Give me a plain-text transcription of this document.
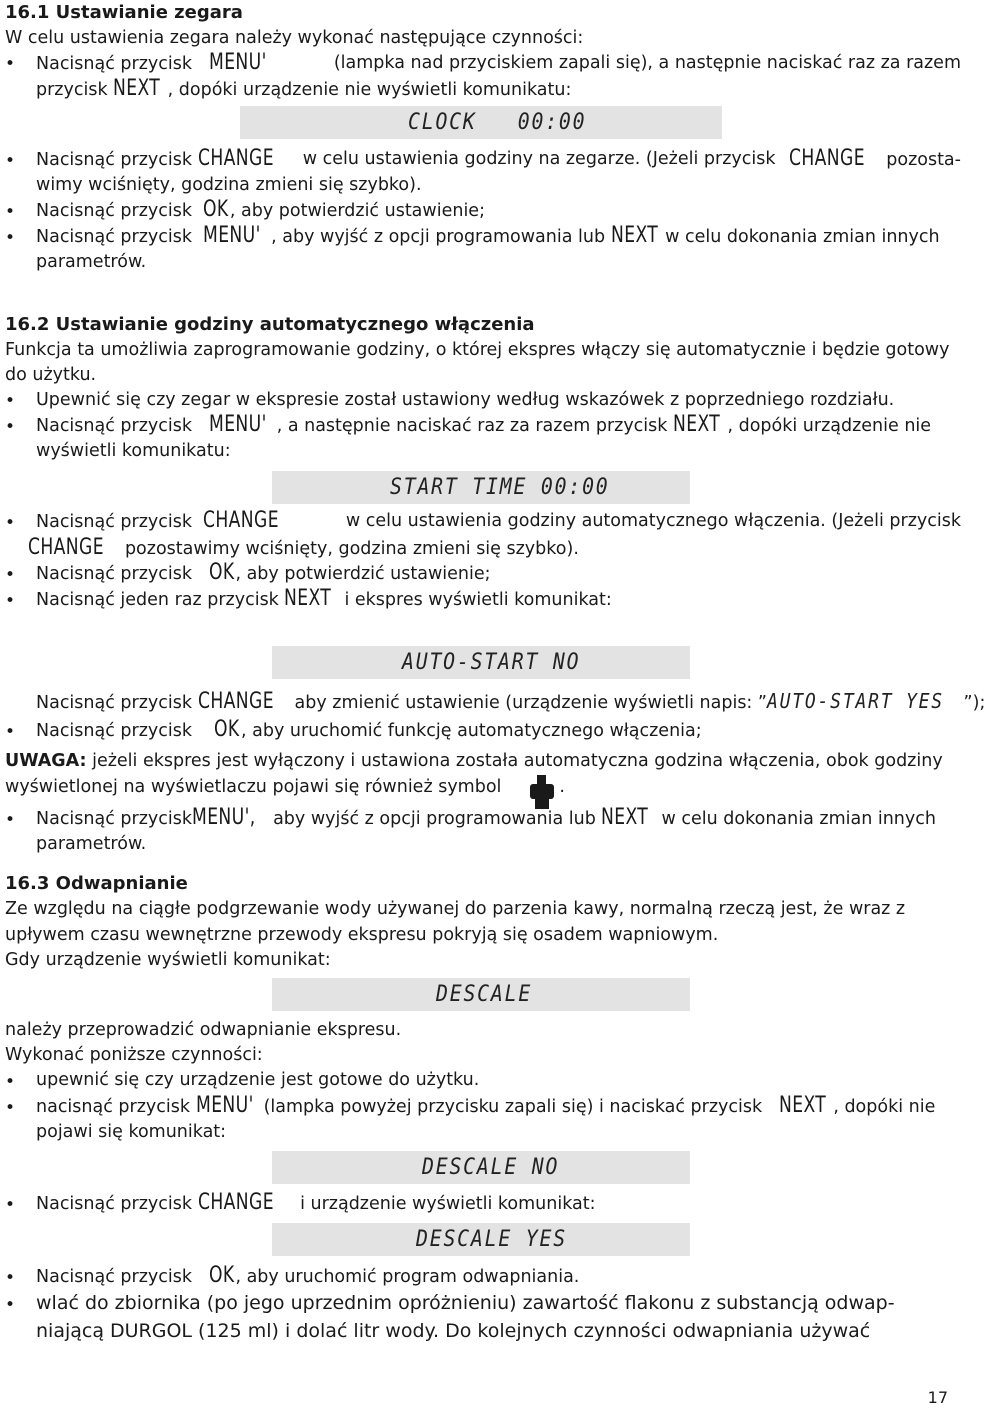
16.1 Ustawianie zegara
W celu ustawienia zegara należy wykonać następujące czynności:
• Nacisnąć przycisk MENU'	(lampka nad przyciskiem zapali się), a następnie naciskać raz za razem
przycisk NEXT , dopóki urządzenie nie wyświetli komunikatu:
CLOCK   00:00
• Nacisnąć przycisk CHANGE	w celu ustawienia godziny na zegarze. (Jeżeli przycisk CHANGE pozosta-
wimy wciśnięty, godzina zmieni się szybko).
• Nacisnąć przycisk OK, aby potwierdzić ustawienie;
• Nacisnąć przycisk MENU' , aby wyjść z opcji programowania lub NEXT w celu dokonania zmian innych
parametrów.
16.2 Ustawianie godziny automatycznego włączenia
Funkcja ta umożliwia zaprogramowanie godziny, o której ekspres włączy się automatycznie i będzie gotowy
do użytku.
• Upewnić się czy zegar w ekspresie został ustawiony według wskazówek z poprzedniego rozdziału.
• Nacisnąć przycisk MENU' , a następnie naciskać raz za razem przycisk NEXT , dopóki urządzenie nie
wyświetli komunikatu:
START TIME 00:00
• Nacisnąć przycisk CHANGE	w celu ustawienia godziny automatycznego włączenia. (Jeżeli przycisk
CHANGE pozostawimy wciśnięty, godzina zmieni się szybko).
• Nacisnąć przycisk OK, aby potwierdzić ustawienie;
• Nacisnąć jeden raz przycisk NEXT i ekspres wyświetli komunikat:
AUTO-START NO
Nacisnąć przycisk CHANGE aby zmienić ustawienie (urządzenie wyświetli napis: ”AUTO-START YES ”);
• Nacisnąć przycisk OK, aby uruchomić funkcję automatycznego włączenia;
UWAGA: jeżeli ekspres jest wyłączony i ustawiona została automatyczna godzina włączenia, obok godziny
wyświetlonej na wyświetlaczu pojawi się również symbol	.
• Nacisnąć przyciskMENU', aby wyjść z opcji programowania lub NEXT w celu dokonania zmian innych
parametrów.
16.3 Odwapnianie
Ze względu na ciągłe podgrzewanie wody używanej do parzenia kawy, normalną rzeczą jest, że wraz z
upływem czasu wewnętrzne przewody ekspresu pokryją się osadem wapniowym.
Gdy urządzenie wyświetli komunikat:
DESCALE
należy przeprowadzić odwapnianie ekspresu.
Wykonać poniższe czynności:
• upewnić się czy urządzenie jest gotowe do użytku.
• nacisnąć przycisk MENU' (lampka powyżej przycisku zapali się) i naciskać przycisk NEXT , dopóki nie
pojawi się komunikat:
DESCALE NO
• Nacisnąć przycisk CHANGE i urządzenie wyświetli komunikat:
DESCALE YES
• Nacisnąć przycisk OK, aby uruchomić program odwapniania.
• wlać do zbiornika (po jego uprzednim opróżnieniu) zawartość flakonu z substancją odwap-
niającą DURGOL (125 ml) i dolać litr wody. Do kolejnych czynności odwapniania używać
17
